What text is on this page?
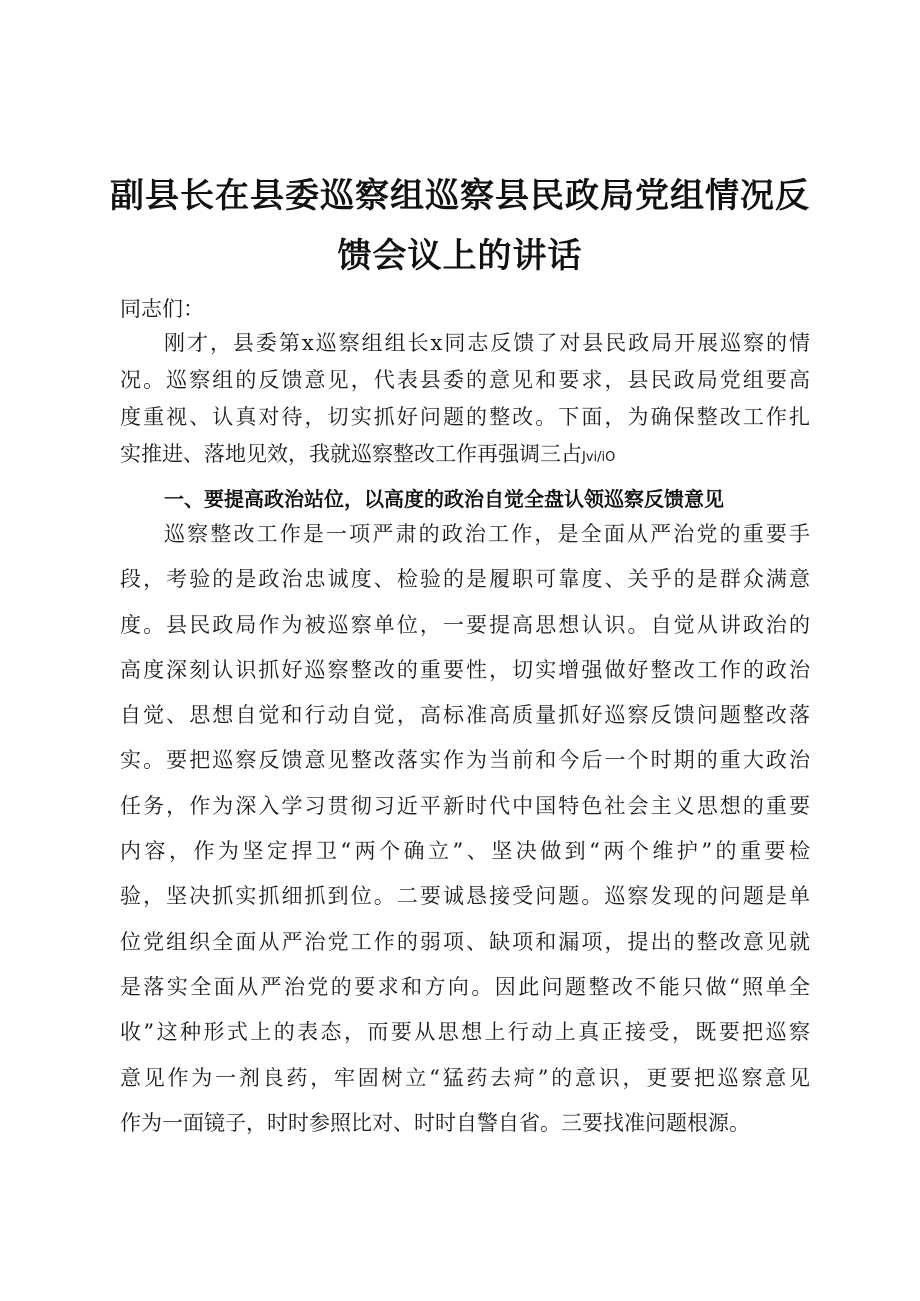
副县长在县委巡察组巡察县民政局党组情况反
馈会议上的讲话
同志们：
刚才，县委第x巡察组组长x同志反馈了对县民政局开展巡察的情
况。巡察组的反馈意见，代表县委的意见和要求，县民政局党组要高
度重视、认真对待，切实抓好问题的整改。下面，为确保整改工作扎
实推进、落地见效，我就巡察整改工作再强调三占Jvi/iO
一、要提高政治站位，以高度的政治自觉全盘认领巡察反馈意见
巡察整改工作是一项严肃的政治工作，是全面从严治党的重要手
段，考验的是政治忠诚度、检验的是履职可靠度、关乎的是群众满意
度。县民政局作为被巡察单位，一要提高思想认识。自觉从讲政治的
高度深刻认识抓好巡察整改的重要性，切实增强做好整改工作的政治
自觉、思想自觉和行动自觉，高标准高质量抓好巡察反馈问题整改落
实。要把巡察反馈意见整改落实作为当前和今后一个时期的重大政治
任务，作为深入学习贯彻习近平新时代中国特色社会主义思想的重要
内容，作为坚定捍卫“两个确立”、坚决做到“两个维护”的重要检
验，坚决抓实抓细抓到位。二要诚恳接受问题。巡察发现的问题是单
位党组织全面从严治党工作的弱项、缺项和漏项，提出的整改意见就
是落实全面从严治党的要求和方向。因此问题整改不能只做“照单全
收”这种形式上的表态，而要从思想上行动上真正接受，既要把巡察
意见作为一剂良药，牢固树立“猛药去疴”的意识，更要把巡察意见
作为一面镜子，时时参照比对、时时自警自省。三要找准问题根源。
